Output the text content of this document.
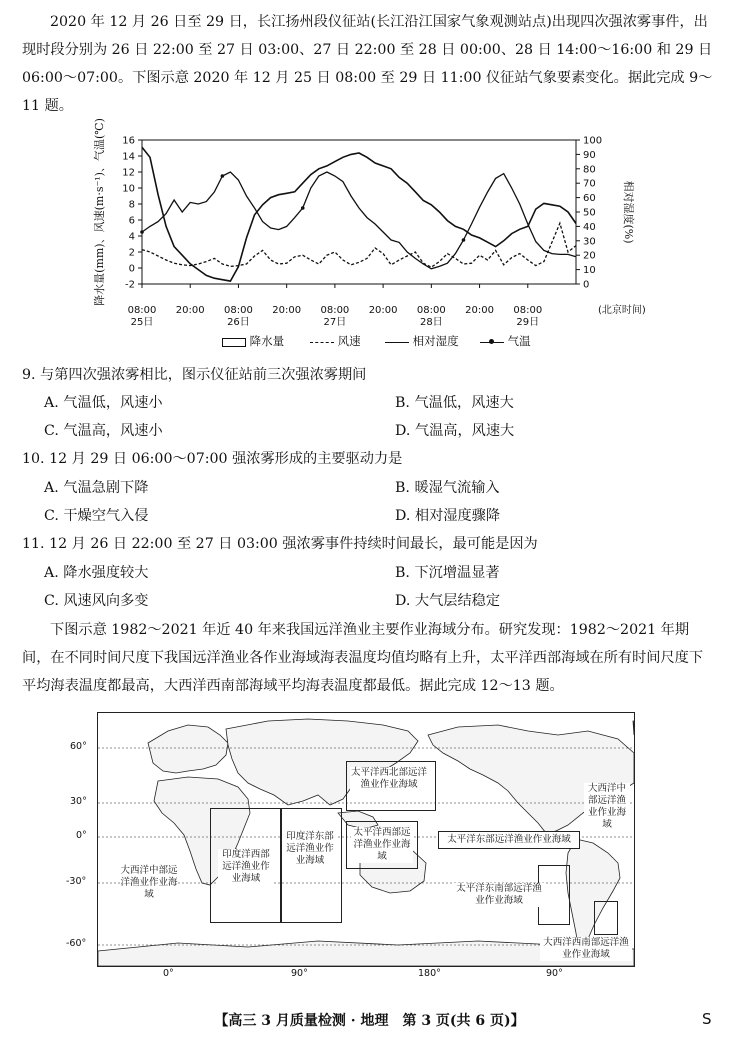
2020 年 12 月 26 日至 29 日，长江扬州段仪征站(长江沿江国家气象观测站点)出现四次强浓雾事件，出现时段分别为 26 日 22:00 至 27 日 03:00、27 日 22:00 至 28 日 00:00、28 日 14:00～16:00 和 29 日 06:00～07:00。下图示意 2020 年 12 月 25 日 08:00 至 29 日 11:00 仪征站气象要素变化。据此完成 9～11 题。

-2
0
2
4
6
8
10
12
14
16
0
10
20
30
40
50
60
70
80
90
100
08:00
25日
20:00 08:00
26日
20:00 08:00
27日
20:00 08:00
28日
20:00 08:00
29日
(北京时间)
降水量(mm)、风速(m·s⁻¹)、气温(℃)	相对湿度(%)
降水量	风速	相对湿度	气温
9. 与第四次强浓雾相比，图示仪征站前三次强浓雾期间
A. 气温低，风速小	B. 气温低，风速大
C. 气温高，风速小	D. 气温高，风速大
10. 12 月 29 日 06:00～07:00 强浓雾形成的主要驱动力是
A. 气温急剧下降	B. 暖湿气流输入
C. 干燥空气入侵	D. 相对湿度骤降
11. 12 月 26 日 22:00 至 27 日 03:00 强浓雾事件持续时间最长，最可能是因为
A. 降水强度较大	B. 下沉增温显著
C. 风速风向多变	D. 大气层结稳定

下图示意 1982～2021 年近 40 年来我国远洋渔业主要作业海域分布。研究发现：1982～2021 年期间，在不同时间尺度下我国远洋渔业各作业海域海表温度均值均略有上升，太平洋西部海域在所有时间尺度下平均海表温度都最高，大西洋西南部海域平均海表温度都最低。据此完成 12～13 题。

太平洋西北部远洋渔业作业海域
太平洋西部远洋渔业作业海域
太平洋东部远洋渔业作业海域
太平洋东南部远洋渔业作业海域
大西洋中部远洋渔业作业海域
大西洋中部远洋渔业作业海域
印度洋西部远洋渔业作业海域
印度洋东部远洋渔业作业海域
大西洋西南部远洋渔业作业海域
60°
30°
0°
-30°
-60°
0°	90°	180°	90°
【高三 3 月质量检测 · 地理　第 3 页(共 6 页)】	S
